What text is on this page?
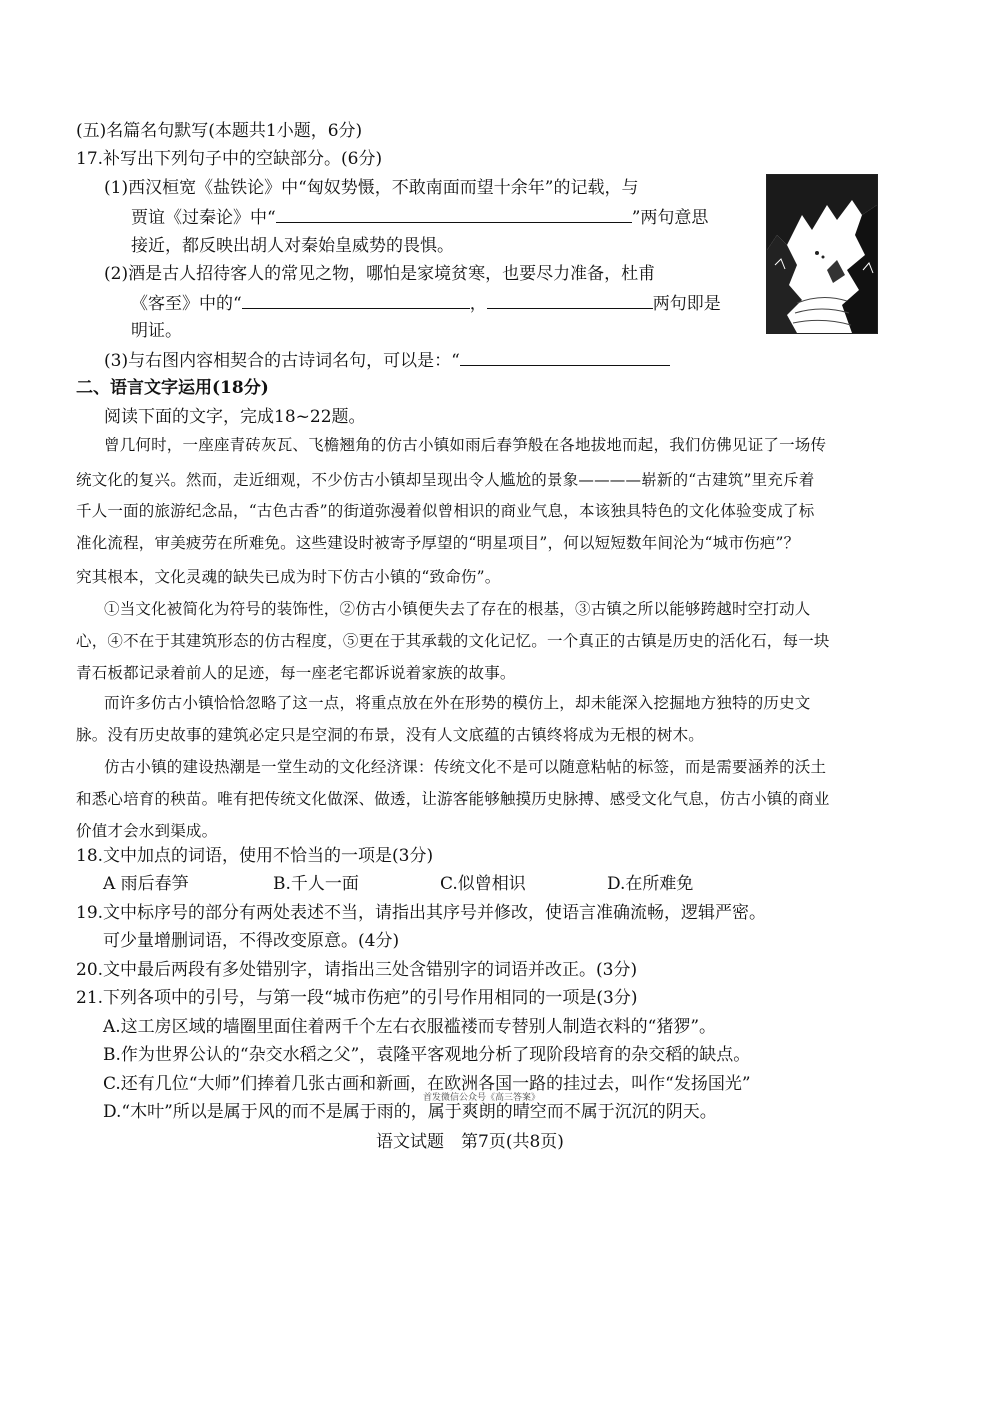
(五)名篇名句默写(本题共1小题，6分)
17.补写出下列句子中的空缺部分。(6分)
(1)西汉桓宽《盐铁论》中“匈奴势慑，不敢南面而望十余年”的记载，与
贾谊《过秦论》中“	”两句意思
接近，都反映出胡人对秦始皇威势的畏惧。
(2)酒是古人招待客人的常见之物，哪怕是家境贫寒，也要尽力准备，杜甫
《客至》中的“	，	两句即是
明证。
(3)与右图内容相契合的古诗词名句，可以是：“
二、语言文字运用(18分)
阅读下面的文字，完成18~22题。
曾几何时，一座座青砖灰瓦、飞檐翘角的仿古小镇如雨后春笋般在各地拔地而起，我们仿佛见证了一场传
统文化的复兴。然而，走近细观，不少仿古小镇却呈现出令人尴尬的景象————崭新的“古建筑”里充斥着
千人一面的旅游纪念品，“古色古香”的街道弥漫着似曾相识的商业气息，本该独具特色的文化体验变成了标
准化流程，审美疲劳在所难免。这些建设时被寄予厚望的“明星项目”，何以短短数年间沦为“城市伤疤”？
究其根本，文化灵魂的缺失已成为时下仿古小镇的“致命伤”。
①当文化被简化为符号的装饰性，②仿古小镇便失去了存在的根基，③古镇之所以能够跨越时空打动人
心，④不在于其建筑形态的仿古程度，⑤更在于其承载的文化记忆。一个真正的古镇是历史的活化石，每一块
青石板都记录着前人的足迹，每一座老宅都诉说着家族的故事。
而许多仿古小镇恰恰忽略了这一点，将重点放在外在形势的模仿上，却未能深入挖掘地方独特的历史文
脉。没有历史故事的建筑必定只是空洞的布景，没有人文底蕴的古镇终将成为无根的树木。
仿古小镇的建设热潮是一堂生动的文化经济课：传统文化不是可以随意粘帖的标签，而是需要涵养的沃土
和悉心培育的秧苗。唯有把传统文化做深、做透，让游客能够触摸历史脉搏、感受文化气息，仿古小镇的商业
价值才会水到渠成。
18.文中加点的词语，使用不恰当的一项是(3分)
A 雨后春笋	B.千人一面	C.似曾相识	D.在所难免
19.文中标序号的部分有两处表述不当，请指出其序号并修改，使语言准确流畅，逻辑严密。
可少量增删词语，不得改变原意。(4分)
20.文中最后两段有多处错别字，请指出三处含错别字的词语并改正。(3分)
21.下列各项中的引号，与第一段“城市伤疤”的引号作用相同的一项是(3分)
A.这工房区域的墙圈里面住着两千个左右衣服褴褛而专替别人制造衣料的“猪猡”。
B.作为世界公认的“杂交水稻之父”，袁隆平客观地分析了现阶段培育的杂交稻的缺点。
C.还有几位“大师”们捧着几张古画和新画，在欧洲各国一路的挂过去，叫作“发扬国光”
首发微信公众号《高三答案》
D.“木叶”所以是属于风的而不是属于雨的，属于爽朗的晴空而不属于沉沉的阴天。
语文试题　第7页(共8页)
